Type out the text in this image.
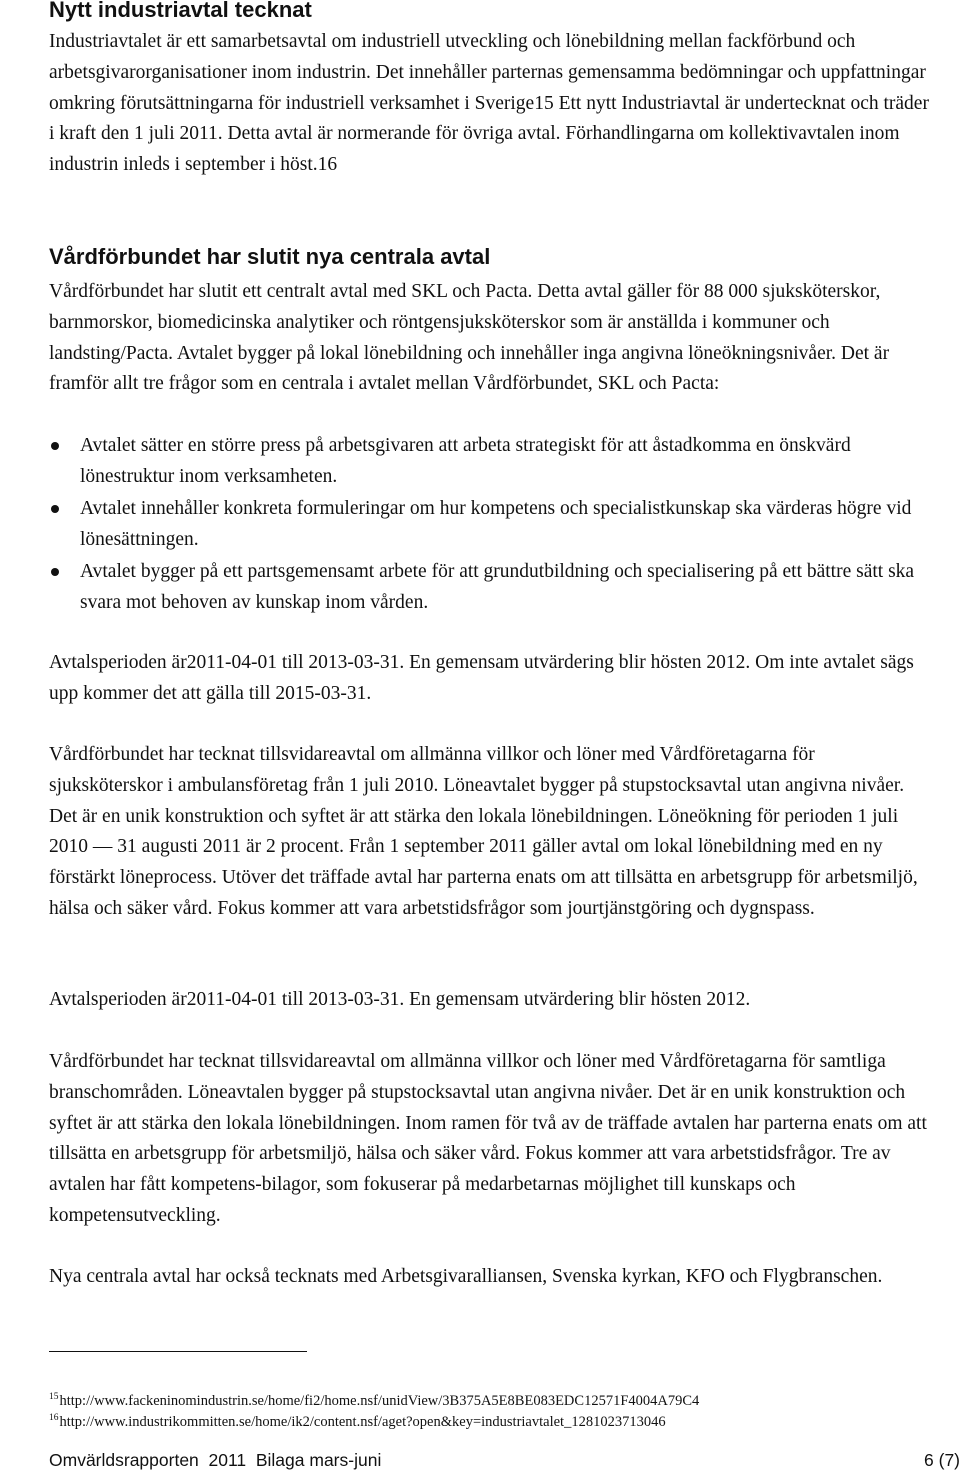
Nytt industriavtal tecknat

Industriavtalet är ett samarbetsavtal om industriell utveckling och lönebildning mellan fackförbund och arbetsgivarorganisationer inom industrin. Det innehåller parternas gemensamma bedömningar och uppfattningar omkring förutsättningarna för industriell verksamhet i Sverige15 Ett nytt Industriavtal är undertecknat och träder i kraft den 1 juli 2011. Detta avtal är normerande för övriga avtal. Förhandlingarna om kollektivavtalen inom industrin inleds i september i höst.16

Vårdförbundet har slutit nya centrala avtal

Vårdförbundet har slutit ett centralt avtal med SKL och Pacta. Detta avtal gäller för 88 000 sjuksköterskor, barnmorskor, biomedicinska analytiker och röntgensjuksköterskor som är anställda i kommuner och landsting/Pacta. Avtalet bygger på lokal lönebildning och innehåller inga angivna löneökningsnivåer. Det är framför allt tre frågor som en centrala i avtalet mellan Vårdförbundet, SKL och Pacta:

Avtalet sätter en större press på arbetsgivaren att arbeta strategiskt för att åstadkomma en önskvärd lönestruktur inom verksamheten.
Avtalet innehåller konkreta formuleringar om hur kompetens och specialistkunskap ska värderas högre vid lönesättningen.
Avtalet bygger på ett partsgemensamt arbete för att grundutbildning och specialisering på ett bättre sätt ska svara mot behoven av kunskap inom vården.

Avtalsperioden är2011-04-01 till 2013-03-31. En gemensam utvärdering blir hösten 2012. Om inte avtalet sägs upp kommer det att gälla till 2015-03-31.

Vårdförbundet har tecknat tillsvidareavtal om allmänna villkor och löner med Vårdföretagarna för sjuksköterskor i ambulansföretag från 1 juli 2010. Löneavtalet bygger på stupstocksavtal utan angivna nivåer. Det är en unik konstruktion och syftet är att stärka den lokala lönebildningen. Löneökning för perioden 1 juli 2010 — 31 augusti 2011 är 2 procent. Från 1 september 2011 gäller avtal om lokal lönebildning med en ny förstärkt löneprocess. Utöver det träffade avtal har parterna enats om att tillsätta en arbetsgrupp för arbetsmiljö, hälsa och säker vård. Fokus kommer att vara arbetstidsfrågor som jourtjänstgöring och dygnspass.

Avtalsperioden är2011-04-01 till 2013-03-31. En gemensam utvärdering blir hösten 2012.

Vårdförbundet har tecknat tillsvidareavtal om allmänna villkor och löner med Vårdföretagarna för samtliga branschområden. Löneavtalen bygger på stupstocksavtal utan angivna nivåer. Det är en unik konstruktion och syftet är att stärka den lokala lönebildningen. Inom ramen för två av de träffade avtalen har parterna enats om att tillsätta en arbetsgrupp för arbetsmiljö, hälsa och säker vård. Fokus kommer att vara arbetstidsfrågor. Tre av avtalen har fått kompetens-bilagor, som fokuserar på medarbetarnas möjlighet till kunskaps och kompetensutveckling.

Nya centrala avtal har också tecknats med Arbetsgivaralliansen, Svenska kyrkan, KFO och Flygbranschen.

$^{15}$http://www.fackeninomindustrin.se/home/fi2/home.nsf/unidView/3B375A5E8BE083EDC12571F4004A79C4
$^{16}$http://www.industrikommitten.se/home/ik2/content.nsf/aget?open&key=industriavtalet_1281023713046
Omvärldsrapporten  2011  Bilaga mars-juni	6 (7)
